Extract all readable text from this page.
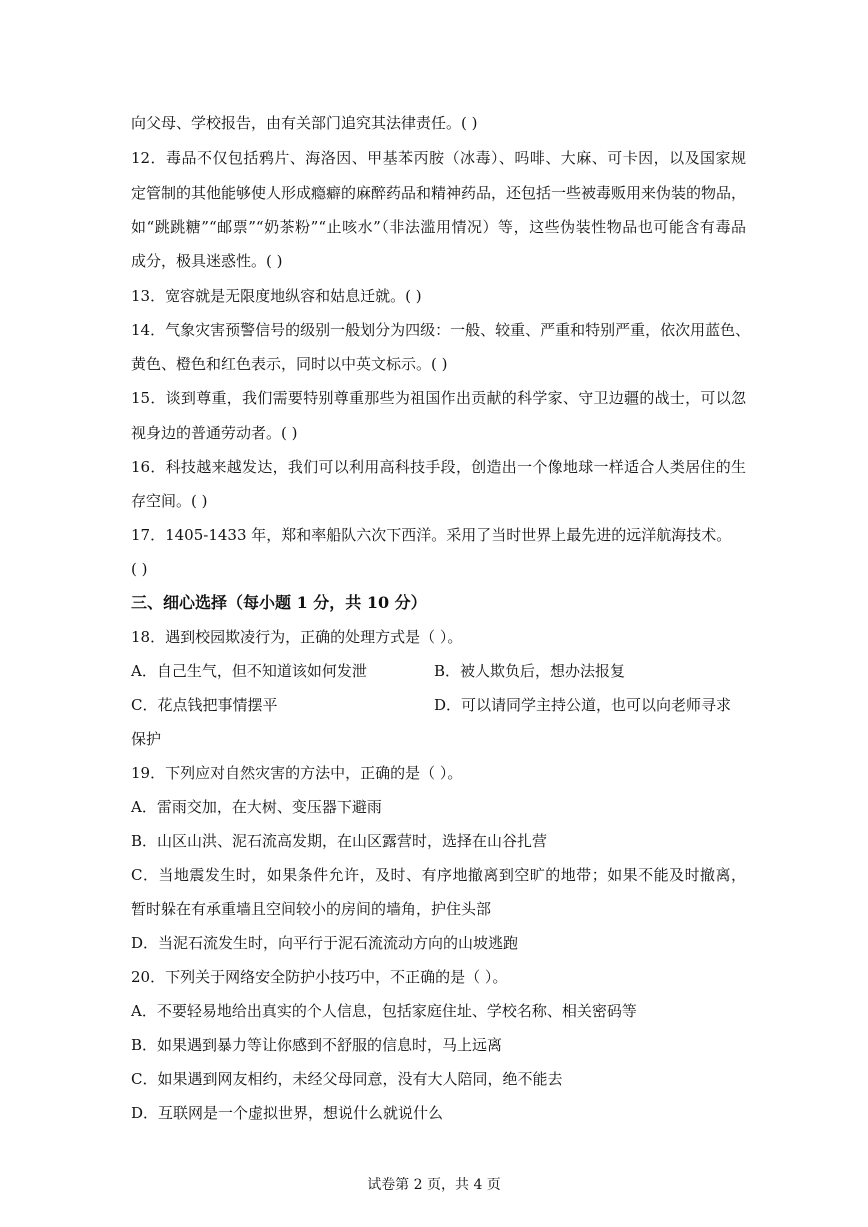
向父母、学校报告，由有关部门追究其法律责任。( )
12．毒品不仅包括鸦片、海洛因、甲基苯丙胺（冰毒）、吗啡、大麻、可卡因，以及国家规
定管制的其他能够使人形成瘾癖的麻醉药品和精神药品，还包括一些被毒贩用来伪装的物品，
如“跳跳糖”“邮票”“奶茶粉”“止咳水”（非法滥用情况）等，这些伪装性物品也可能含有毒品
成分，极具迷惑性。( )
13．宽容就是无限度地纵容和姑息迁就。( )
14．气象灾害预警信号的级别一般划分为四级：一般、较重、严重和特别严重，依次用蓝色、
黄色、橙色和红色表示，同时以中英文标示。( )
15．谈到尊重，我们需要特别尊重那些为祖国作出贡献的科学家、守卫边疆的战士，可以忽
视身边的普通劳动者。( )
16．科技越来越发达，我们可以利用高科技手段，创造出一个像地球一样适合人类居住的生
存空间。( )
17．1405-1433 年，郑和率船队六次下西洋。采用了当时世界上最先进的远洋航海技术。
( )
三、细心选择（每小题 1 分，共 10 分）
18．遇到校园欺凌行为，正确的处理方式是（ ）。
A．自己生气，但不知道该如何发泄	B．被人欺负后，想办法报复
C．花点钱把事情摆平	D．可以请同学主持公道，也可以向老师寻求
保护
19．下列应对自然灾害的方法中，正确的是（ ）。
A．雷雨交加，在大树、变压器下避雨
B．山区山洪、泥石流高发期，在山区露营时，选择在山谷扎营
C．当地震发生时，如果条件允许，及时、有序地撤离到空旷的地带；如果不能及时撤离，
暂时躲在有承重墙且空间较小的房间的墙角，护住头部
D．当泥石流发生时，向平行于泥石流流动方向的山坡逃跑
20．下列关于网络安全防护小技巧中，不正确的是（ ）。
A．不要轻易地给出真实的个人信息，包括家庭住址、学校名称、相关密码等
B．如果遇到暴力等让你感到不舒服的信息时，马上远离
C．如果遇到网友相约，未经父母同意，没有大人陪同，绝不能去
D．互联网是一个虚拟世界，想说什么就说什么
试卷第 2 页，共 4 页
